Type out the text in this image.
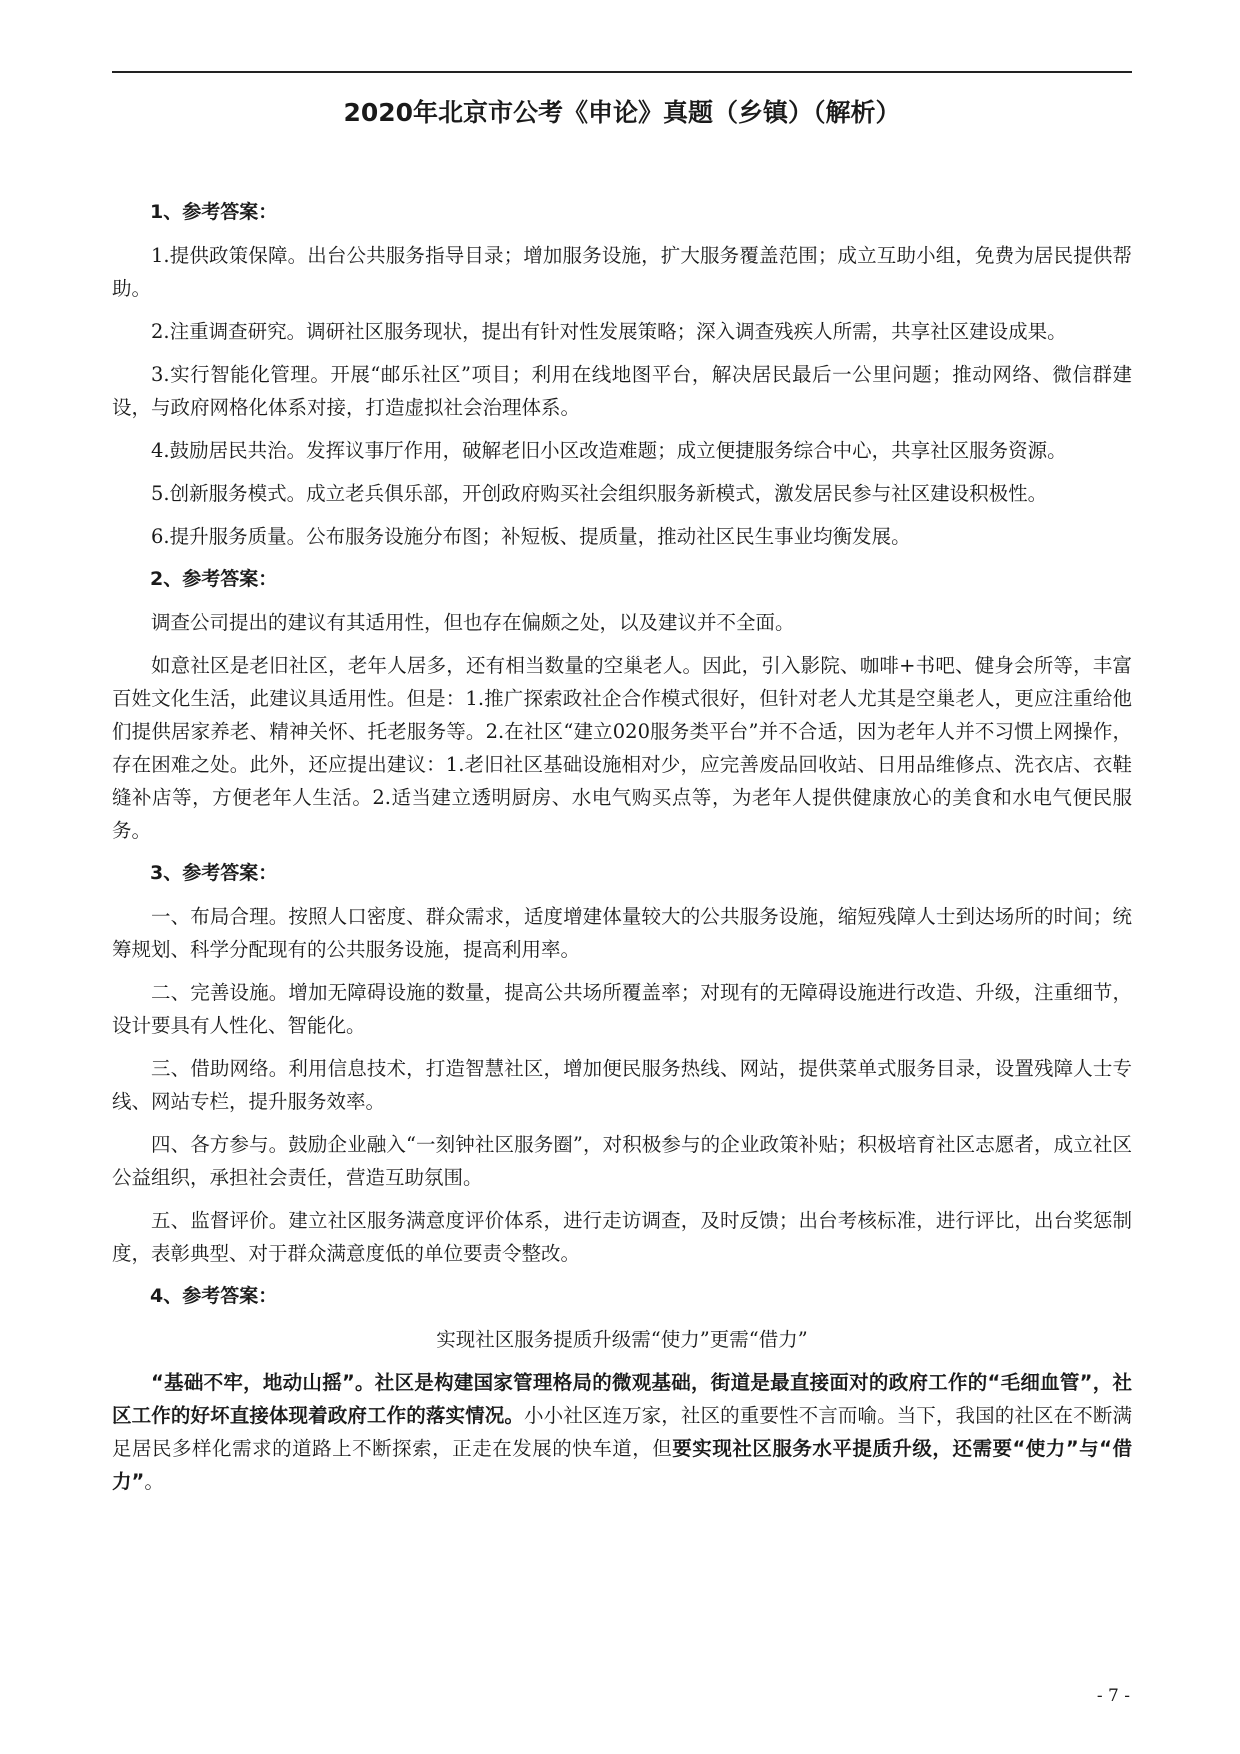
2020年北京市公考《申论》真题（乡镇）（解析）

1、参考答案：

1.提供政策保障。出台公共服务指导目录；增加服务设施，扩大服务覆盖范围；成立互助小组，免费为居民提供帮助。

2.注重调查研究。调研社区服务现状，提出有针对性发展策略；深入调查残疾人所需，共享社区建设成果。

3.实行智能化管理。开展“邮乐社区”项目；利用在线地图平台，解决居民最后一公里问题；推动网络、微信群建设，与政府网格化体系对接，打造虚拟社会治理体系。

4.鼓励居民共治。发挥议事厅作用，破解老旧小区改造难题；成立便捷服务综合中心，共享社区服务资源。

5.创新服务模式。成立老兵俱乐部，开创政府购买社会组织服务新模式，激发居民参与社区建设积极性。

6.提升服务质量。公布服务设施分布图；补短板、提质量，推动社区民生事业均衡发展。

2、参考答案：

调查公司提出的建议有其适用性，但也存在偏颇之处，以及建议并不全面。

如意社区是老旧社区，老年人居多，还有相当数量的空巢老人。因此，引入影院、咖啡+书吧、健身会所等，丰富百姓文化生活，此建议具适用性。但是：1.推广探索政社企合作模式很好，但针对老人尤其是空巢老人，更应注重给他们提供居家养老、精神关怀、托老服务等。2.在社区“建立020服务类平台”并不合适，因为老年人并不习惯上网操作，存在困难之处。此外，还应提出建议：1.老旧社区基础设施相对少，应完善废品回收站、日用品维修点、洗衣店、衣鞋缝补店等，方便老年人生活。2.适当建立透明厨房、水电气购买点等，为老年人提供健康放心的美食和水电气便民服务。

3、参考答案：

一、布局合理。按照人口密度、群众需求，适度增建体量较大的公共服务设施，缩短残障人士到达场所的时间；统筹规划、科学分配现有的公共服务设施，提高利用率。

二、完善设施。增加无障碍设施的数量，提高公共场所覆盖率；对现有的无障碍设施进行改造、升级，注重细节，设计要具有人性化、智能化。

三、借助网络。利用信息技术，打造智慧社区，增加便民服务热线、网站，提供菜单式服务目录，设置残障人士专线、网站专栏，提升服务效率。

四、各方参与。鼓励企业融入“一刻钟社区服务圈”，对积极参与的企业政策补贴；积极培育社区志愿者，成立社区公益组织，承担社会责任，营造互助氛围。

五、监督评价。建立社区服务满意度评价体系，进行走访调查，及时反馈；出台考核标准，进行评比，出台奖惩制度，表彰典型、对于群众满意度低的单位要责令整改。

4、参考答案：

实现社区服务提质升级需“使力”更需“借力”

“基础不牢，地动山摇”。社区是构建国家管理格局的微观基础，街道是最直接面对的政府工作的“毛细血管”，社区工作的好坏直接体现着政府工作的落实情况。小小社区连万家，社区的重要性不言而喻。当下，我国的社区在不断满足居民多样化需求的道路上不断探索，正走在发展的快车道，但要实现社区服务水平提质升级，还需要“使力”与“借力”。

- 7 -
